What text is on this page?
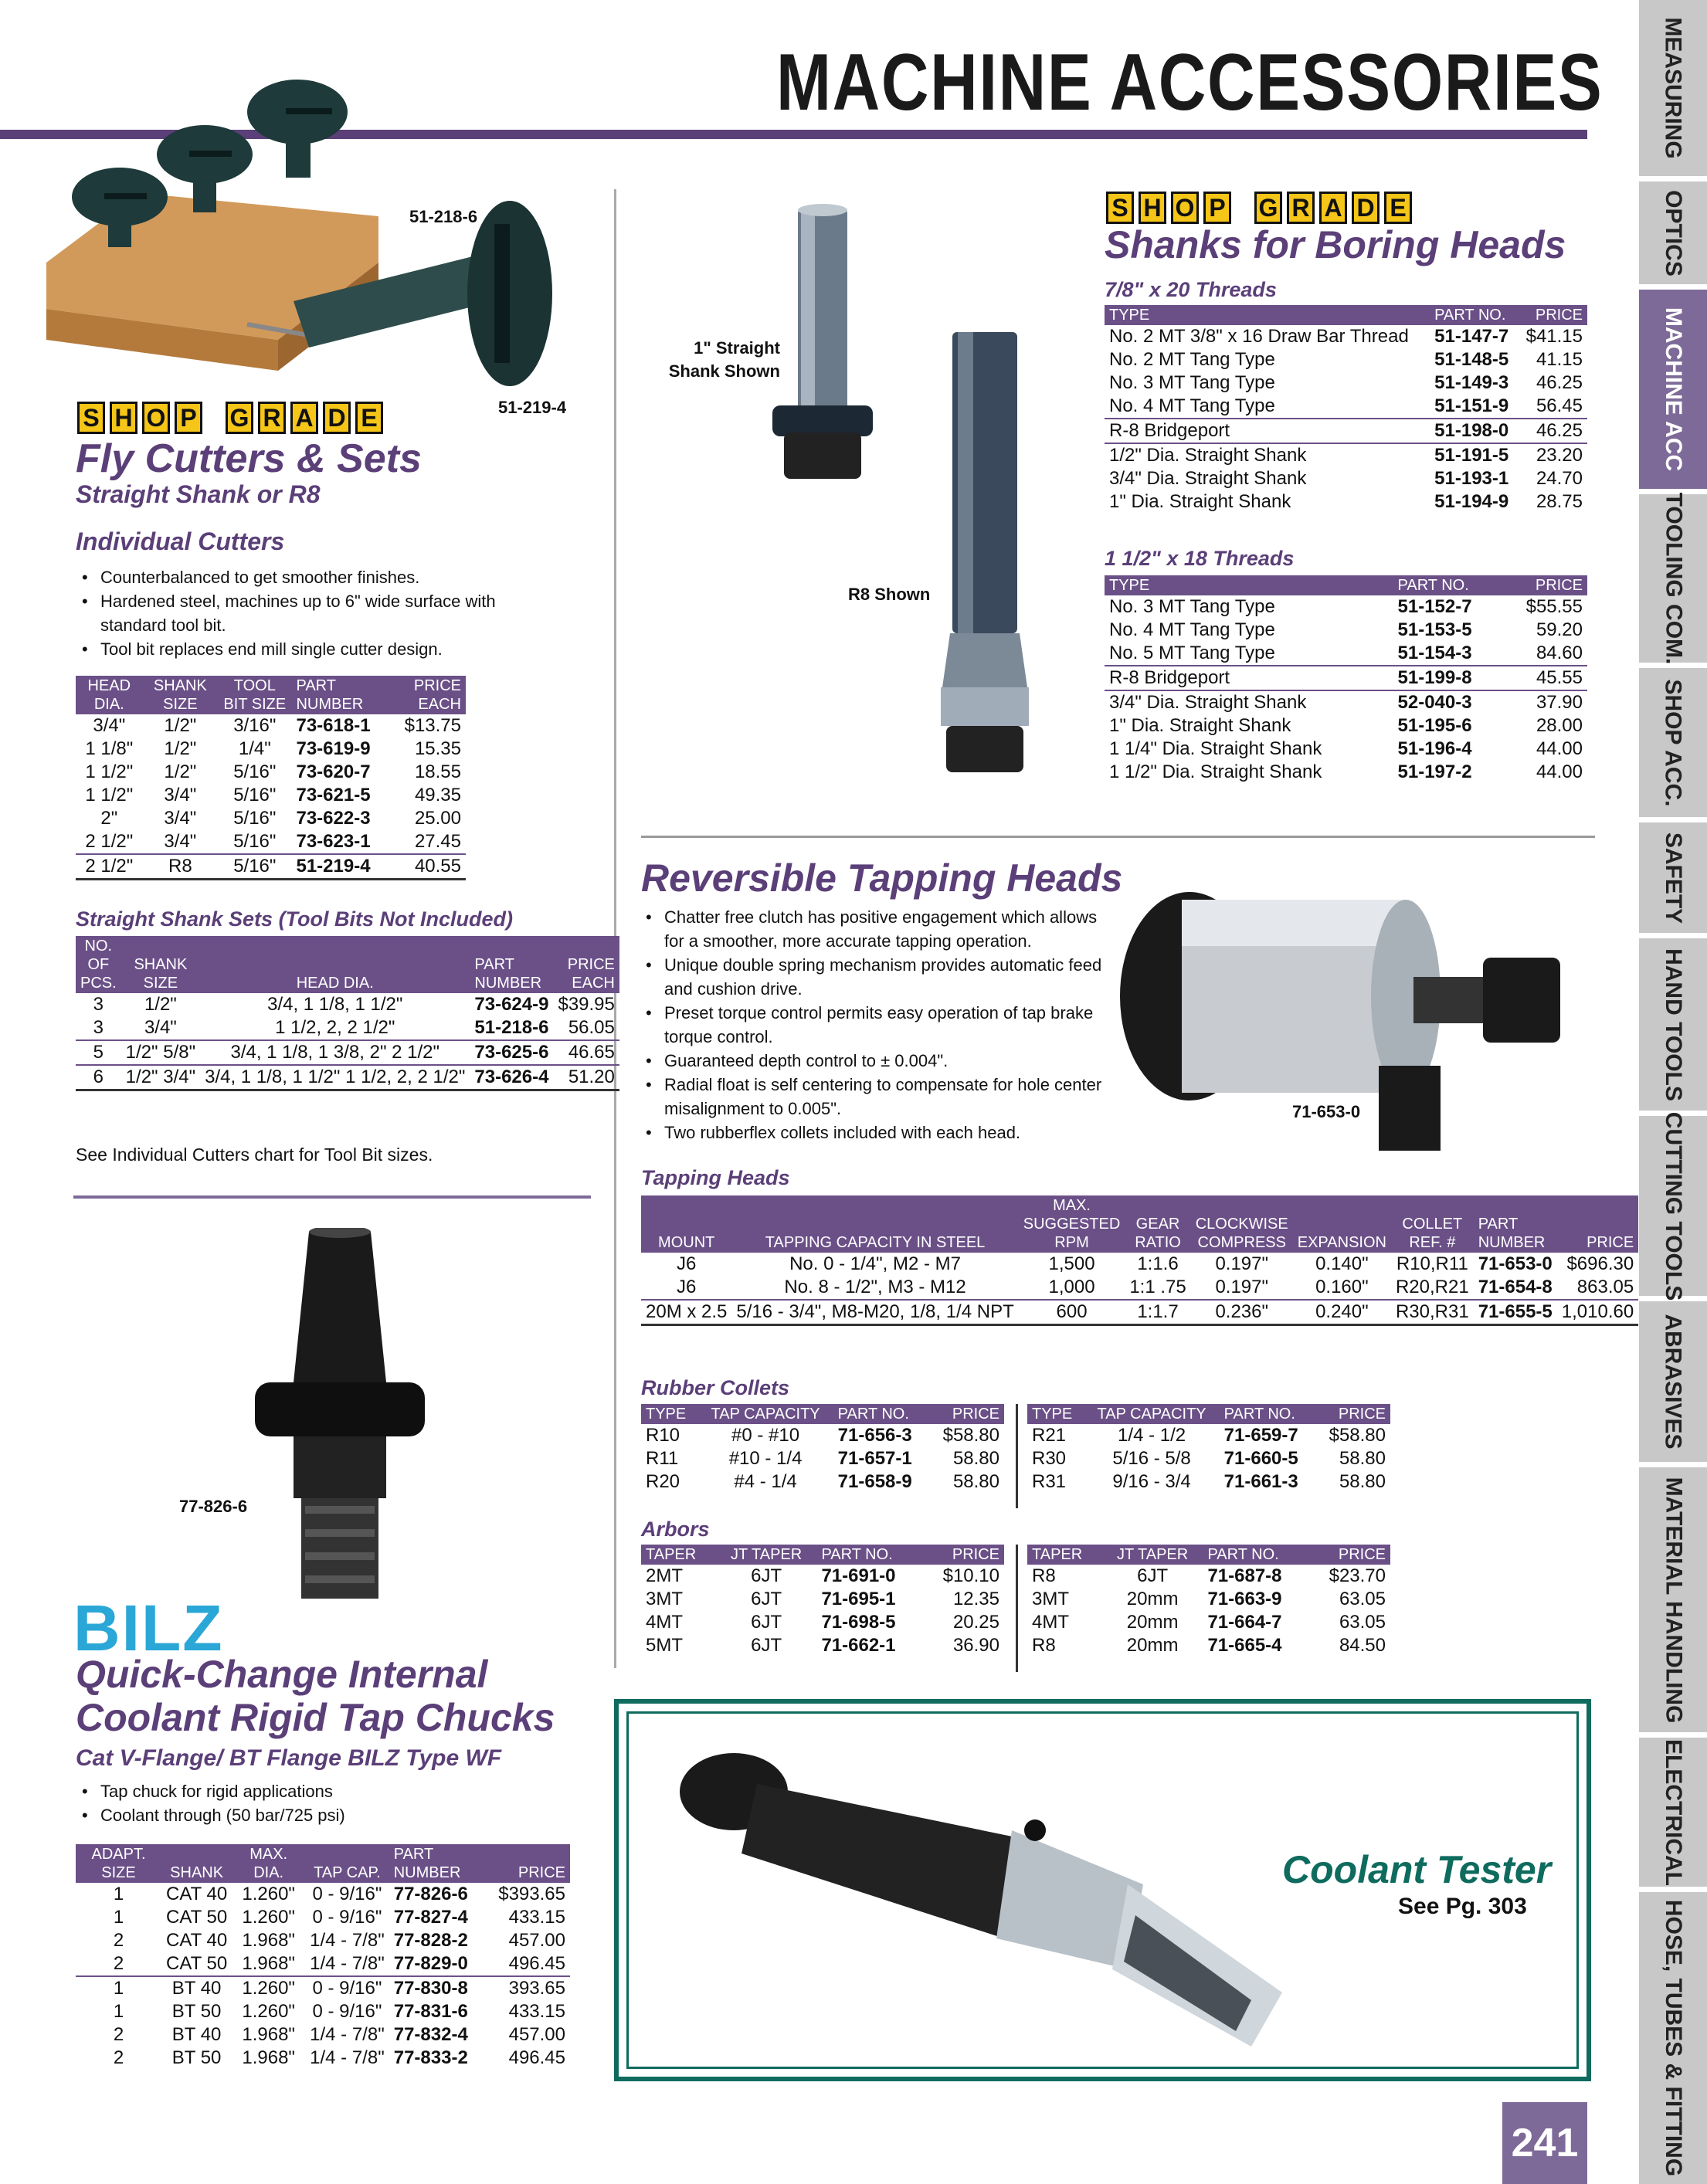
MACHINE ACCESSORIES	MEASURING
OPTICS
MACHINE ACC
TOOLING COM.
SHOP ACC.
SAFETY
HAND TOOLS
CUTTING TOOLS
ABRASIVES
MATERIAL HANDLING
ELECTRICAL
HOSE, TUBES & FITTING
51-218-6
51-219-4
S H O P G R A D E
Fly Cutters & Sets
Straight Shank or R8
Individual Cutters
• Counterbalanced to get smoother finishes.
• Hardened steel, machines up to 6" wide surface with standard tool bit.
• Tool bit replaces end mill single cutter design.
HEAD DIA.	SHANK SIZE	TOOL BIT SIZE	PART NUMBER	PRICE EACH
3/4"	1/2"	3/16"	73-618-1	$13.75
1 1/8"	1/2"	1/4"	73-619-9	15.35
1 1/2"	1/2"	5/16"	73-620-7	18.55
1 1/2"	3/4"	5/16"	73-621-5	49.35
2"	3/4"	5/16"	73-622-3	25.00
2 1/2"	3/4"	5/16"	73-623-1	27.45
2 1/2"	R8	5/16"	51-219-4	40.55
Straight Shank Sets (Tool Bits Not Included)
NO. OF PCS.	SHANK SIZE	HEAD DIA.	PART NUMBER	PRICE EACH
3	1/2"	3/4, 1 1/8, 1 1/2"	73-624-9	$39.95
3	3/4"	1 1/2, 2, 2 1/2"	51-218-6	56.05
5	1/2" 5/8"	3/4, 1 1/8, 1 3/8, 2" 2 1/2"	73-625-6	46.65
6	1/2" 3/4"	3/4, 1 1/8, 1 1/2" 1 1/2, 2, 2 1/2"	73-626-4	51.20
See Individual Cutters chart for Tool Bit sizes.
1" Straight Shank Shown
R8 Shown
S H O P G R A D E
Shanks for Boring Heads
7/8" x 20 Threads
TYPE	PART NO.	PRICE
No. 2 MT 3/8" x 16 Draw Bar Thread	51-147-7	$41.15
No. 2 MT Tang Type	51-148-5	41.15
No. 3 MT Tang Type	51-149-3	46.25
No. 4 MT Tang Type	51-151-9	56.45
R-8 Bridgeport	51-198-0	46.25
1/2" Dia. Straight Shank	51-191-5	23.20
3/4" Dia. Straight Shank	51-193-1	24.70
1" Dia. Straight Shank	51-194-9	28.75
1 1/2" x 18 Threads
TYPE	PART NO.	PRICE
No. 3 MT Tang Type	51-152-7	$55.55
No. 4 MT Tang Type	51-153-5	59.20
No. 5 MT Tang Type	51-154-3	84.60
R-8 Bridgeport	51-199-8	45.55
3/4" Dia. Straight Shank	52-040-3	37.90
1" Dia. Straight Shank	51-195-6	28.00
1 1/4" Dia. Straight Shank	51-196-4	44.00
1 1/2" Dia. Straight Shank	51-197-2	44.00
Reversible Tapping Heads
• Chatter free clutch has positive engagement which allows for a smoother, more accurate tapping operation.
• Unique double spring mechanism provides automatic feed and cushion drive.
• Preset torque control permits easy operation of tap brake torque control.
• Guaranteed depth control to ± 0.004".
• Radial float is self centering to compensate for hole center misalignment to 0.005".
• Two rubberflex collets included with each head.
71-653-0
Tapping Heads
MOUNT	TAPPING CAPACITY IN STEEL	MAX. SUGGESTED RPM	GEAR RATIO	CLOCKWISE COMPRESS	EXPANSION	COLLET REF. #	PART NUMBER	PRICE
J6	No. 0 - 1/4", M2 - M7	1,500	1:1.6	0.197"	0.140"	R10,R11	71-653-0	$696.30
J6	No. 8 - 1/2", M3 - M12	1,000	1:1 .75	0.197"	0.160"	R20,R21	71-654-8	863.05
20M x 2.5	5/16 - 3/4", M8-M20, 1/8, 1/4 NPT	600	1:1.7	0.236"	0.240"	R30,R31	71-655-5	1,010.60
Rubber Collets
TYPE	TAP CAPACITY	PART NO.	PRICE
R10	#0 - #10	71-656-3	$58.80
R11	#10 - 1/4	71-657-1	58.80
R20	#4 - 1/4	71-658-9	58.80
TYPE	TAP CAPACITY	PART NO.	PRICE
R21	1/4 - 1/2	71-659-7	$58.80
R30	5/16 - 5/8	71-660-5	58.80
R31	9/16 - 3/4	71-661-3	58.80
Arbors
TAPER	JT TAPER	PART NO.	PRICE
2MT	6JT	71-691-0	$10.10
3MT	6JT	71-695-1	12.35
4MT	6JT	71-698-5	20.25
5MT	6JT	71-662-1	36.90
TAPER	JT TAPER	PART NO.	PRICE
R8	6JT	71-687-8	$23.70
3MT	20mm	71-663-9	63.05
4MT	20mm	71-664-7	63.05
R8	20mm	71-665-4	84.50
77-826-6
BILZ
Quick-Change Internal
Coolant Rigid Tap Chucks
Cat V-Flange/ BT Flange BILZ Type WF
• Tap chuck for rigid applications
• Coolant through (50 bar/725 psi)
ADAPT. SIZE	SHANK	MAX. DIA.	TAP CAP.	PART NUMBER	PRICE
1	CAT 40	1.260"	0 - 9/16"	77-826-6	$393.65
1	CAT 50	1.260"	0 - 9/16"	77-827-4	433.15
2	CAT 40	1.968"	1/4 - 7/8"	77-828-2	457.00
2	CAT 50	1.968"	1/4 - 7/8"	77-829-0	496.45
1	BT 40	1.260"	0 - 9/16"	77-830-8	393.65
1	BT 50	1.260"	0 - 9/16"	77-831-6	433.15
2	BT 40	1.968"	1/4 - 7/8"	77-832-4	457.00
2	BT 50	1.968"	1/4 - 7/8"	77-833-2	496.45
Coolant Tester
See Pg. 303
241
